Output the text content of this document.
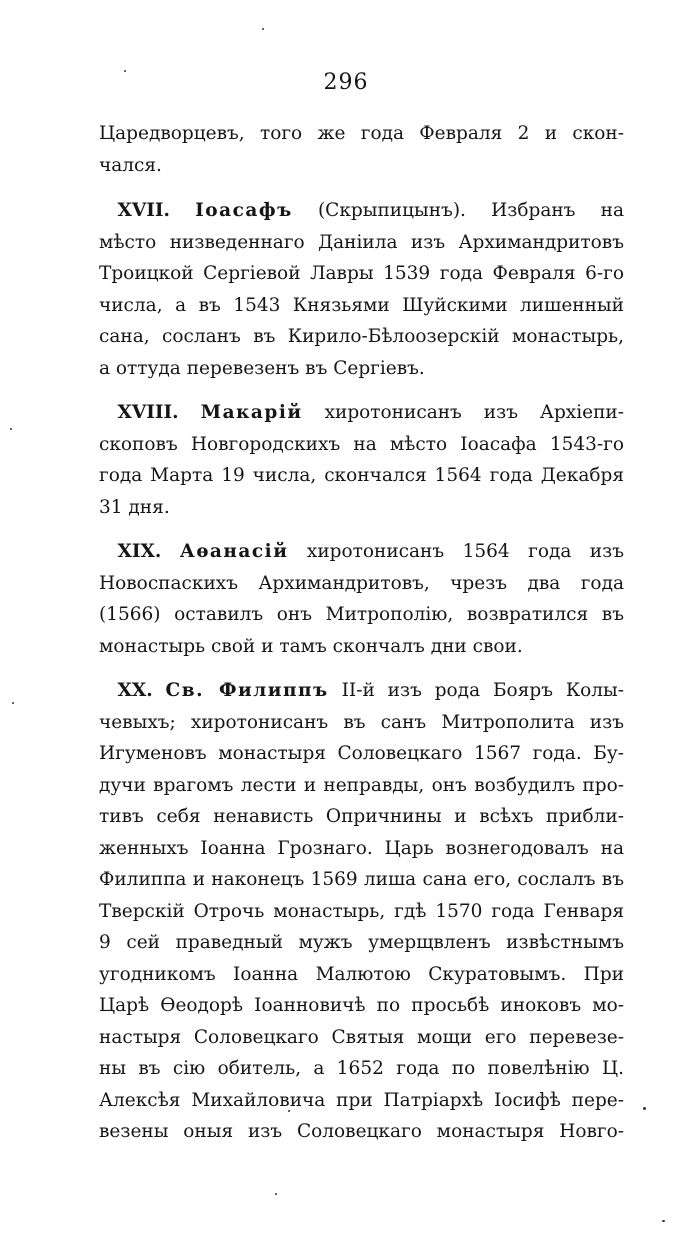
296
Царедворцевъ, того же года Февраля 2 и скон-
чался.
 XVII. Іоасафъ (Скрыпицынъ). Избранъ на
мѣсто низведеннаго Даніила изъ Архимандритовъ
Троицкой Сергіевой Лавры 1539 года Февраля 6-го
числа, а въ 1543 Князьями Шуйскими лишенный
сана, сосланъ въ Кирило-Бѣлоозерскій монастырь,
а оттуда перевезенъ въ Сергіевъ.
 XVIII. Макарій хиротонисанъ изъ Архіепи-
скоповъ Новгородскихъ на мѣсто Іоасафа 1543-го
года Марта 19 числа, скончался 1564 года Декабря
31 дня.
 XIX. Аѳанасій хиротонисанъ 1564 года изъ
Новоспаскихъ Архимандритовъ, чрезъ два года
(1566) оставилъ онъ Митрополію, возвратился въ
монастырь свой и тамъ скончалъ дни свои.
 XX. Св. Филиппъ II-й изъ рода Бояръ Колы-
чевыхъ; хиротонисанъ въ санъ Митрополита изъ
Игуменовъ монастыря Соловецкаго 1567 года. Бу-
дучи врагомъ лести и неправды, онъ возбудилъ про-
тивъ себя ненависть Опричнины и всѣхъ прибли-
женныхъ Іоанна Грознаго. Царь вознегодовалъ на
Филиппа и наконецъ 1569 лиша сана его, сослалъ въ
Тверскій Отрочь монастырь, гдѣ 1570 года Генваря
9 сей праведный мужъ умерщвленъ извѣстнымъ
угодникомъ Іоанна Малютою Скуратовымъ. При
Царѣ Ѳеодорѣ Іоанновичѣ по просьбѣ иноковъ мо-
настыря Соловецкаго Святыя мощи его перевезе-
ны въ сію обитель, а 1652 года по повелѣнію Ц.
Алексѣя Михайловича при Патріархѣ Іосифѣ пере-
везены оныя изъ Соловецкаго монастыря Новго-
